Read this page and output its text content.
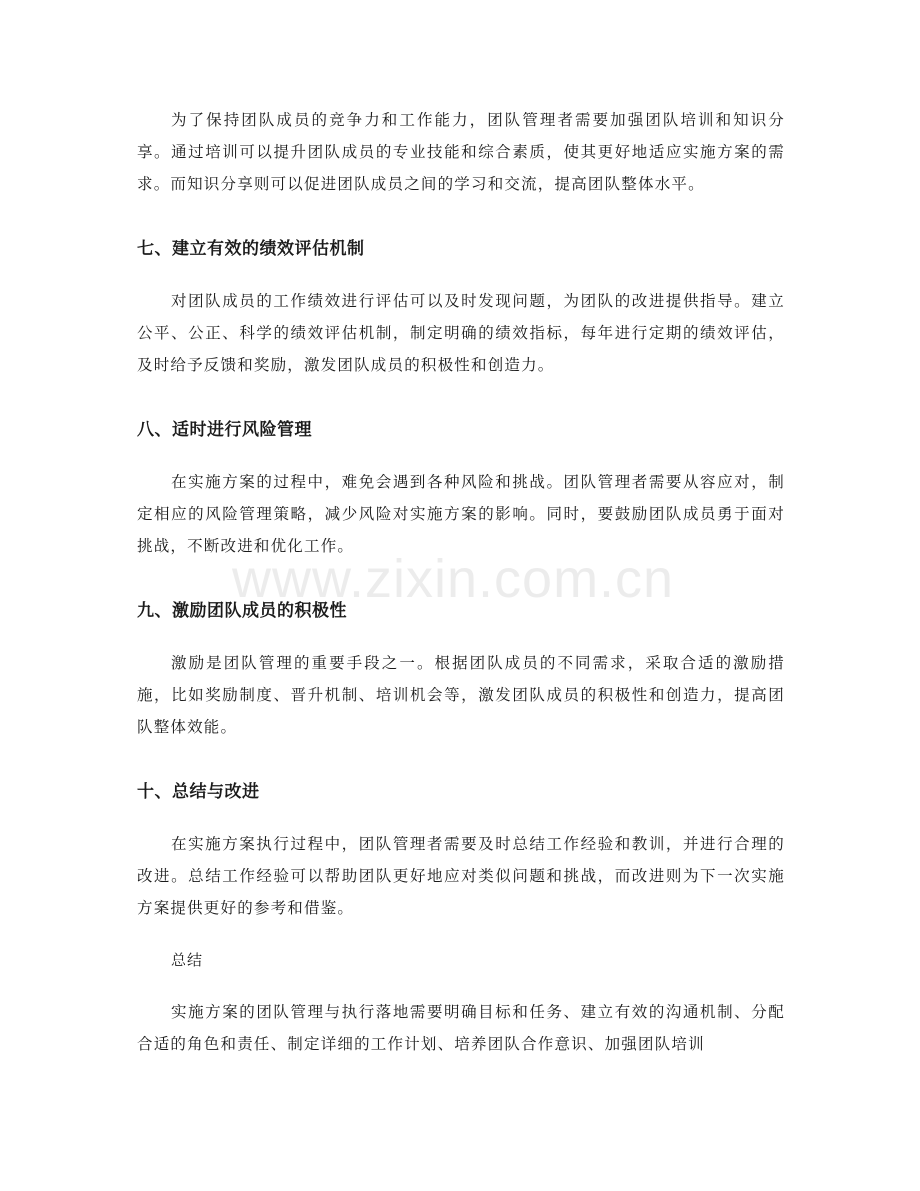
为了保持团队成员的竞争力和工作能力，团队管理者需要加强团队培训和知识分享。通过培训可以提升团队成员的专业技能和综合素质，使其更好地适应实施方案的需求。而知识分享则可以促进团队成员之间的学习和交流，提高团队整体水平。

七、建立有效的绩效评估机制

对团队成员的工作绩效进行评估可以及时发现问题，为团队的改进提供指导。建立公平、公正、科学的绩效评估机制，制定明确的绩效指标，每年进行定期的绩效评估，及时给予反馈和奖励，激发团队成员的积极性和创造力。

八、适时进行风险管理

在实施方案的过程中，难免会遇到各种风险和挑战。团队管理者需要从容应对，制定相应的风险管理策略，减少风险对实施方案的影响。同时，要鼓励团队成员勇于面对挑战，不断改进和优化工作。

九、激励团队成员的积极性

激励是团队管理的重要手段之一。根据团队成员的不同需求，采取合适的激励措施，比如奖励制度、晋升机制、培训机会等，激发团队成员的积极性和创造力，提高团队整体效能。

十、总结与改进

在实施方案执行过程中，团队管理者需要及时总结工作经验和教训，并进行合理的改进。总结工作经验可以帮助团队更好地应对类似问题和挑战，而改进则为下一次实施方案提供更好的参考和借鉴。

总结

实施方案的团队管理与执行落地需要明确目标和任务、建立有效的沟通机制、分配合适的角色和责任、制定详细的工作计划、培养团队合作意识、加强团队培训

www.zixin.com.cn
